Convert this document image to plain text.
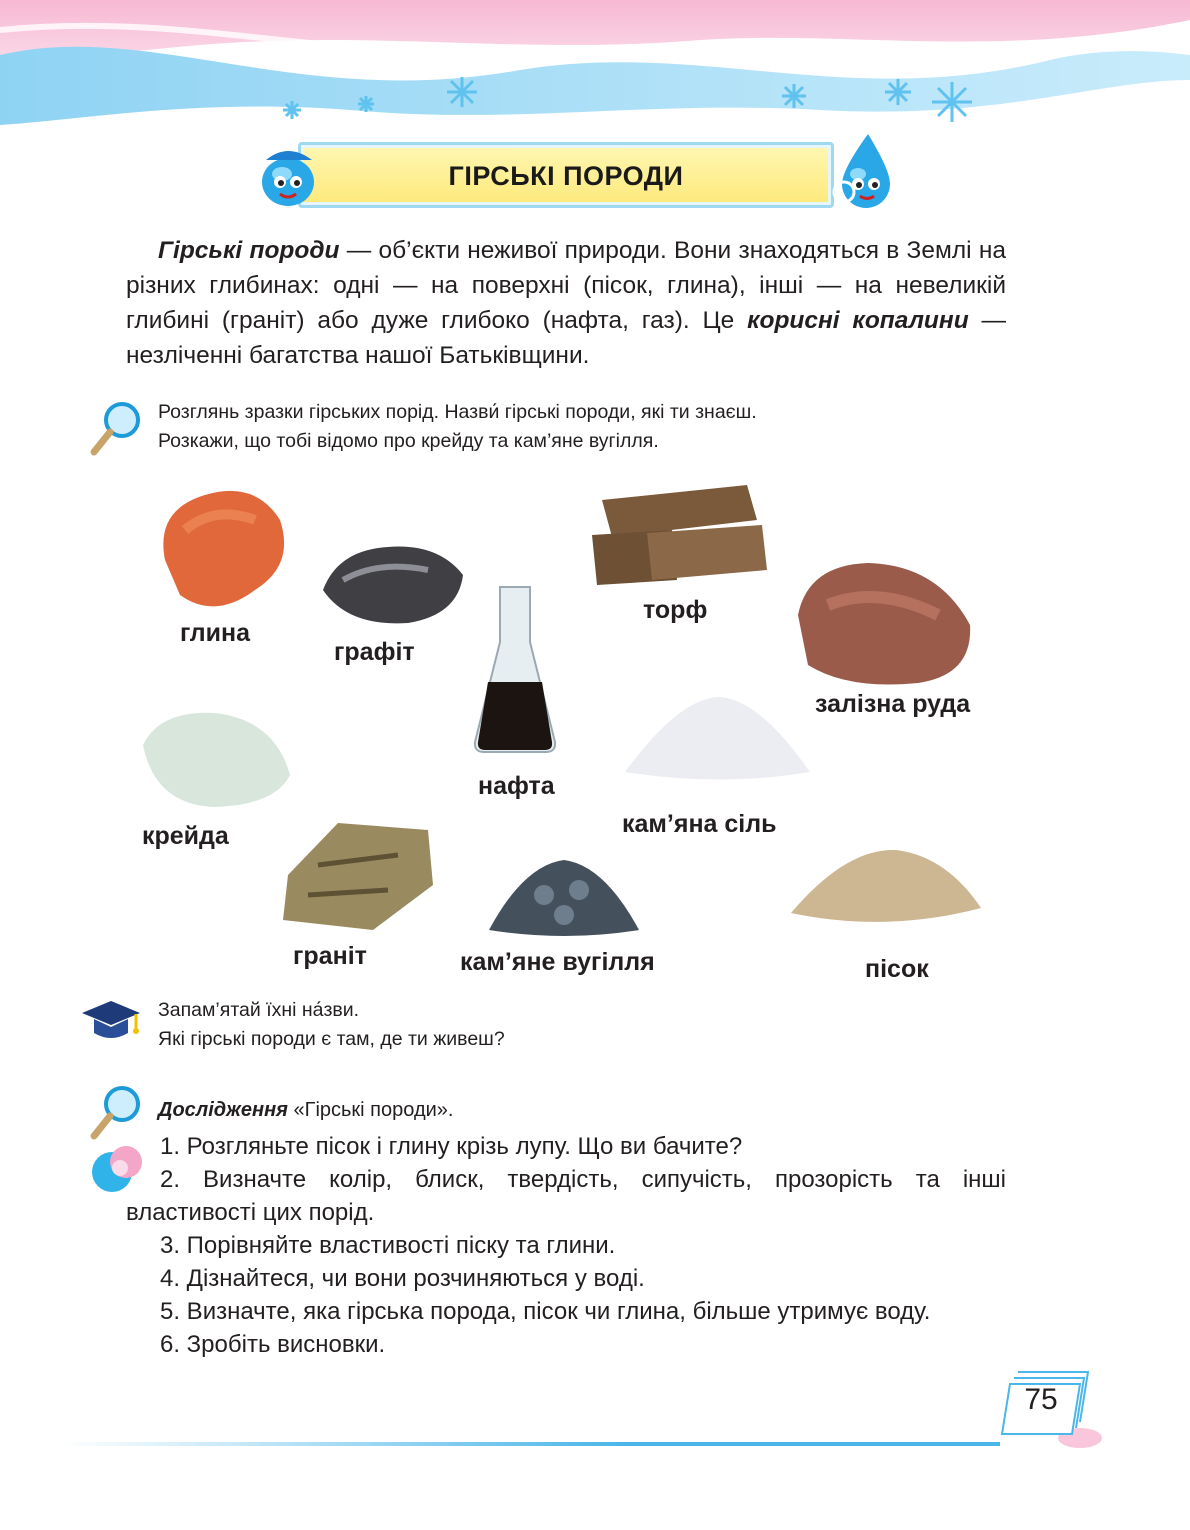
ГІРСЬКІ ПОРОДИ

Гірські породи — об’єкти неживої природи. Вони знаходяться в Землі на різних глибинах: одні — на поверхні (пісок, глина), інші — на невеликій глибині (граніт) або дуже глибоко (нафта, газ). Це корисні копалини — незліченні багатства нашої Батьківщини.

Розглянь зразки гірських порід. Назви́ гірські породи, які ти знаєш.
Розкажи, що тобі відомо про крейду та кам’яне вугілля.
глина
графіт
торф
залізна руда
нафта
кам’яна сіль
крейда
граніт	кам’яне вугілля	пісок
Запам’ятай їхні на́зви.
Які гірські породи є там, де ти живеш?
Дослідження «Гірські породи».
1. Розгляньте пісок і глину крізь лупу. Що ви бачите?
2. Визначте колір, блиск, твердість, сипучість, прозорість та інші властивості цих порід.
3. Порівняйте властивості піску та глини.
4. Дізнайтеся, чи вони розчиняються у воді.
5. Визначте, яка гірська порода, пісок чи глина, більше утримує воду.
6. Зробіть висновки.
75
